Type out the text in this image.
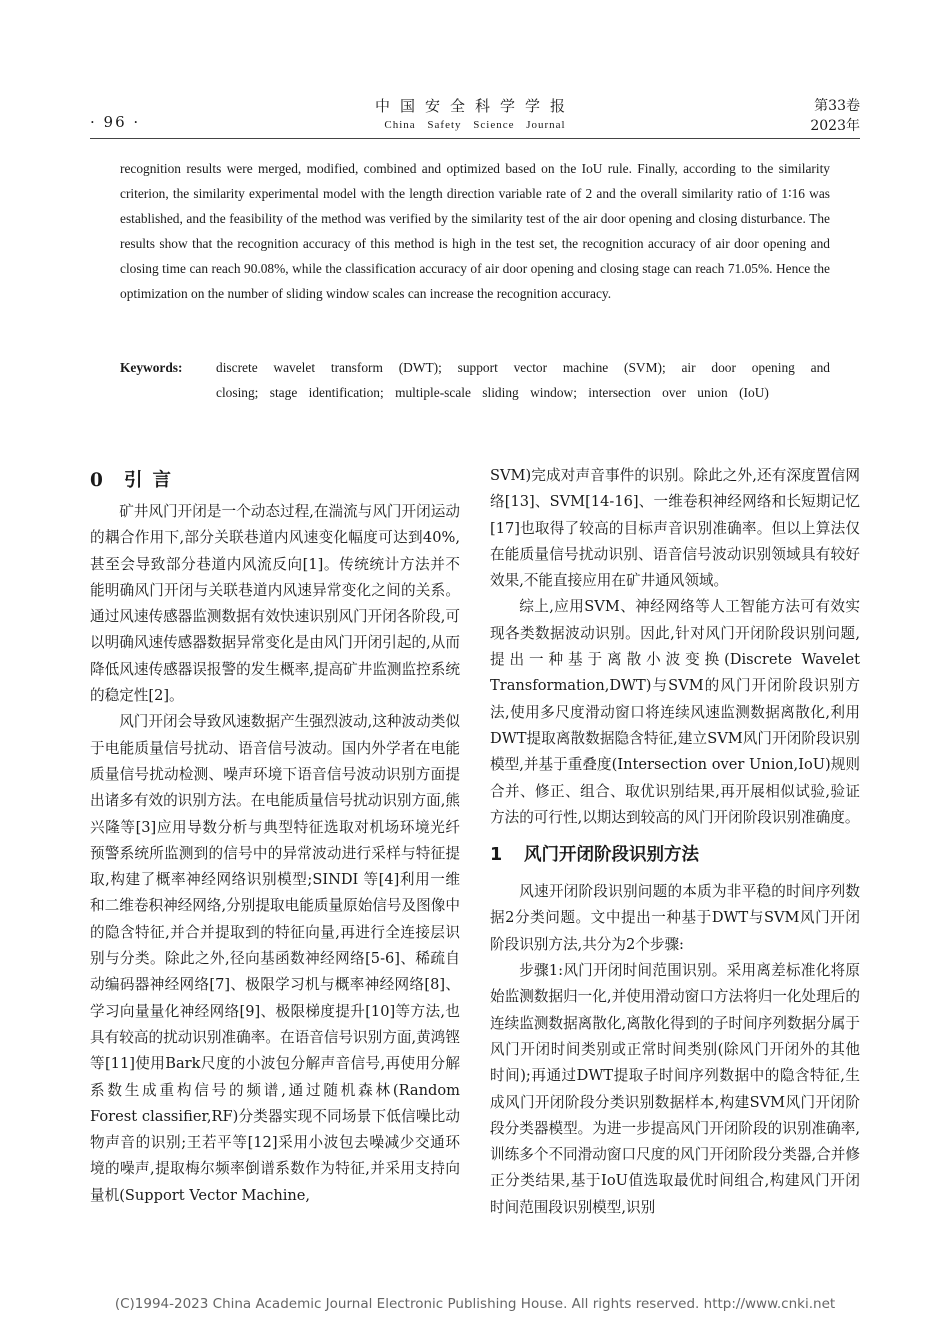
· 96 ·
中国安全科学学报
China Safety Science Journal
第33卷
2023年
recognition results were merged, modified, combined and optimized based on the IoU rule. Finally, according to the similarity criterion, the similarity experimental model with the length direction variable rate of 2 and the overall similarity ratio of 1∶16 was established, and the feasibility of the method was verified by the similarity test of the air door opening and closing disturbance. The results show that the recognition accuracy of this method is high in the test set, the recognition accuracy of air door opening and closing time can reach 90.08%, while the classification accuracy of air door opening and closing stage can reach 71.05%. Hence the optimization on the number of sliding window scales can increase the recognition accuracy.
Keywords:	discrete wavelet transform (DWT); support vector machine (SVM); air door opening and closing; stage identification; multiple-scale sliding window; intersection over union (IoU)
0 引言

矿井风门开闭是一个动态过程,在湍流与风门开闭运动的耦合作用下,部分关联巷道内风速变化幅度可达到40%,甚至会导致部分巷道内风流反向[1]。传统统计方法并不能明确风门开闭与关联巷道内风速异常变化之间的关系。通过风速传感器监测数据有效快速识别风门开闭各阶段,可以明确风速传感器数据异常变化是由风门开闭引起的,从而降低风速传感器误报警的发生概率,提高矿井监测监控系统的稳定性[2]。

风门开闭会导致风速数据产生强烈波动,这种波动类似于电能质量信号扰动、语音信号波动。国内外学者在电能质量信号扰动检测、噪声环境下语音信号波动识别方面提出诸多有效的识别方法。在电能质量信号扰动识别方面,熊兴隆等[3]应用导数分析与典型特征选取对机场环境光纤预警系统所监测到的信号中的异常波动进行采样与特征提取,构建了概率神经网络识别模型;SINDI 等[4]利用一维和二维卷积神经网络,分别提取电能质量原始信号及图像中的隐含特征,并合并提取到的特征向量,再进行全连接层识别与分类。除此之外,径向基函数神经网络[5-6]、稀疏自动编码器神经网络[7]、极限学习机与概率神经网络[8]、学习向量量化神经网络[9]、极限梯度提升[10]等方法,也具有较高的扰动识别准确率。在语音信号识别方面,黄鸿铿等[11]使用Bark尺度的小波包分解声音信号,再使用分解系数生成重构信号的频谱,通过随机森林(Random Forest classifier,RF)分类器实现不同场景下低信噪比动物声音的识别;王若平等[12]采用小波包去噪减少交通环境的噪声,提取梅尔频率倒谱系数作为特征,并采用支持向量机(Support Vector Machine,

SVM)完成对声音事件的识别。除此之外,还有深度置信网络[13]、SVM[14-16]、一维卷积神经网络和长短期记忆[17]也取得了较高的目标声音识别准确率。但以上算法仅在能质量信号扰动识别、语音信号波动识别领域具有较好效果,不能直接应用在矿井通风领域。

综上,应用SVM、神经网络等人工智能方法可有效实现各类数据波动识别。因此,针对风门开闭阶段识别问题,提出一种基于离散小波变换(Discrete Wavelet Transformation,DWT)与SVM的风门开闭阶段识别方法,使用多尺度滑动窗口将连续风速监测数据离散化,利用DWT提取离散数据隐含特征,建立SVM风门开闭阶段识别模型,并基于重叠度(Intersection over Union,IoU)规则合并、修正、组合、取优识别结果,再开展相似试验,验证方法的可行性,以期达到较高的风门开闭阶段识别准确度。

1 风门开闭阶段识别方法

风速开闭阶段识别问题的本质为非平稳的时间序列数据2分类问题。文中提出一种基于DWT与SVM风门开闭阶段识别方法,共分为2个步骤:

步骤1:风门开闭时间范围识别。采用离差标准化将原始监测数据归一化,并使用滑动窗口方法将归一化处理后的连续监测数据离散化,离散化得到的子时间序列数据分属于风门开闭时间类别或正常时间类别(除风门开闭外的其他时间);再通过DWT提取子时间序列数据中的隐含特征,生成风门开闭阶段分类识别数据样本,构建SVM风门开闭阶段分类器模型。为进一步提高风门开闭阶段的识别准确率,训练多个不同滑动窗口尺度的风门开闭阶段分类器,合并修正分类结果,基于IoU值选取最优时间组合,构建风门开闭时间范围段识别模型,识别

(C)1994-2023 China Academic Journal Electronic Publishing House. All rights reserved. http://www.cnki.net
